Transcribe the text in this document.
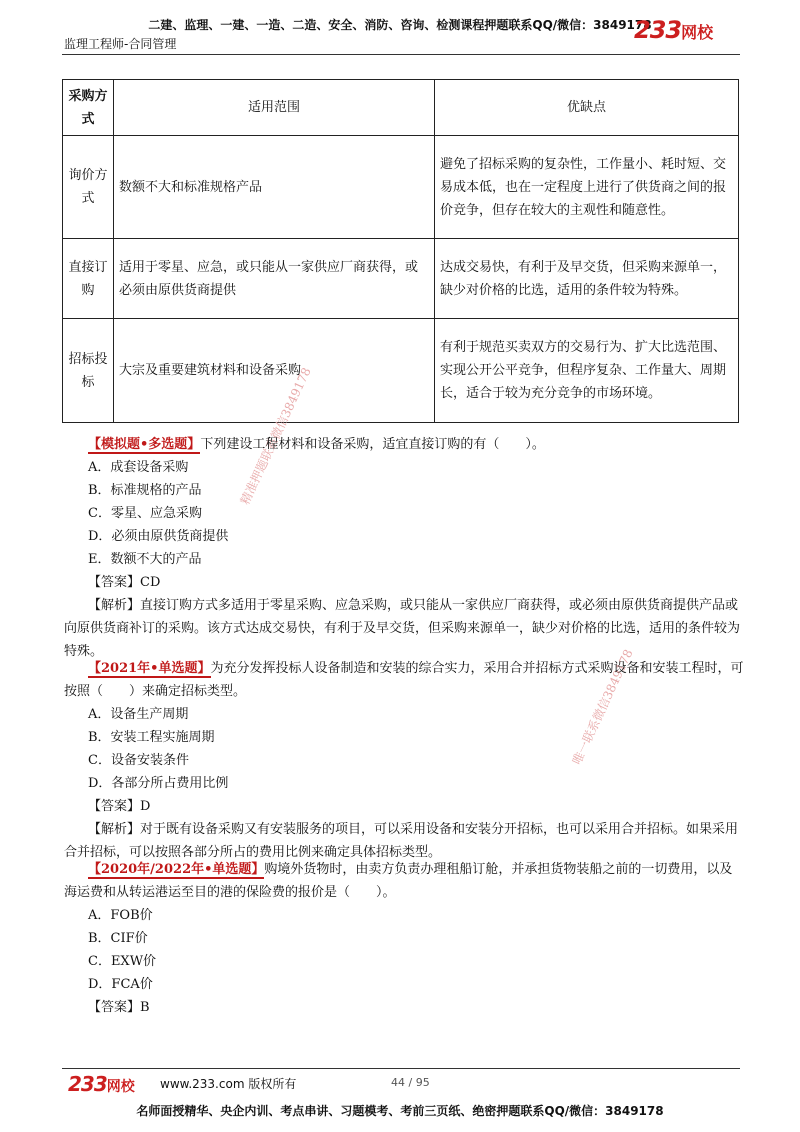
二建、监理、一建、一造、二造、安全、消防、咨询、检测课程押题联系QQ/微信：3849178
监理工程师-合同管理	233网校
采购方式	适用范围	优缺点
询价方式	数额不大和标准规格产品	避免了招标采购的复杂性，工作量小、耗时短、交易成本低，也在一定程度上进行了供货商之间的报价竞争，但存在较大的主观性和随意性。
直接订购	适用于零星、应急，或只能从一家供应厂商获得，或必须由原供货商提供	达成交易快，有利于及早交货，但采购来源单一，缺少对价格的比选，适用的条件较为特殊。
招标投标	大宗及重要建筑材料和设备采购	有利于规范买卖双方的交易行为、扩大比选范围、实现公开公平竞争，但程序复杂、工作量大、周期长，适合于较为充分竞争的市场环境。
精准押题联系微信3849178
唯一联系微信3849178

【模拟题•多选题】下列建设工程材料和设备采购，适宜直接订购的有（　　）。

A．成套设备采购

B．标准规格的产品

C．零星、应急采购

D．必须由原供货商提供

E．数额不大的产品

【答案】CD

【解析】直接订购方式多适用于零星采购、应急采购，或只能从一家供应厂商获得，或必须由原供货商提供产品或向原供货商补订的采购。该方式达成交易快，有利于及早交货，但采购来源单一，缺少对价格的比选，适用的条件较为特殊。

【2021年•单选题】为充分发挥投标人设备制造和安装的综合实力，采用合并招标方式采购设备和安装工程时，可按照（　　）来确定招标类型。

A．设备生产周期

B．安装工程实施周期

C．设备安装条件

D．各部分所占费用比例

【答案】D

【解析】对于既有设备采购又有安装服务的项目，可以采用设备和安装分开招标，也可以采用合并招标。如果采用合并招标，可以按照各部分所占的费用比例来确定具体招标类型。

【2020年/2022年•单选题】购境外货物时，由卖方负责办理租船订舱，并承担货物装船之前的一切费用，以及海运费和从转运港运至目的港的保险费的报价是（　　）。

A．FOB价

B．CIF价

C．EXW价

D．FCA价

【答案】B

233网校 www.233.com 版权所有	44 / 95
名师面授精华、央企内训、考点串讲、习题模考、考前三页纸、绝密押题联系QQ/微信：3849178
